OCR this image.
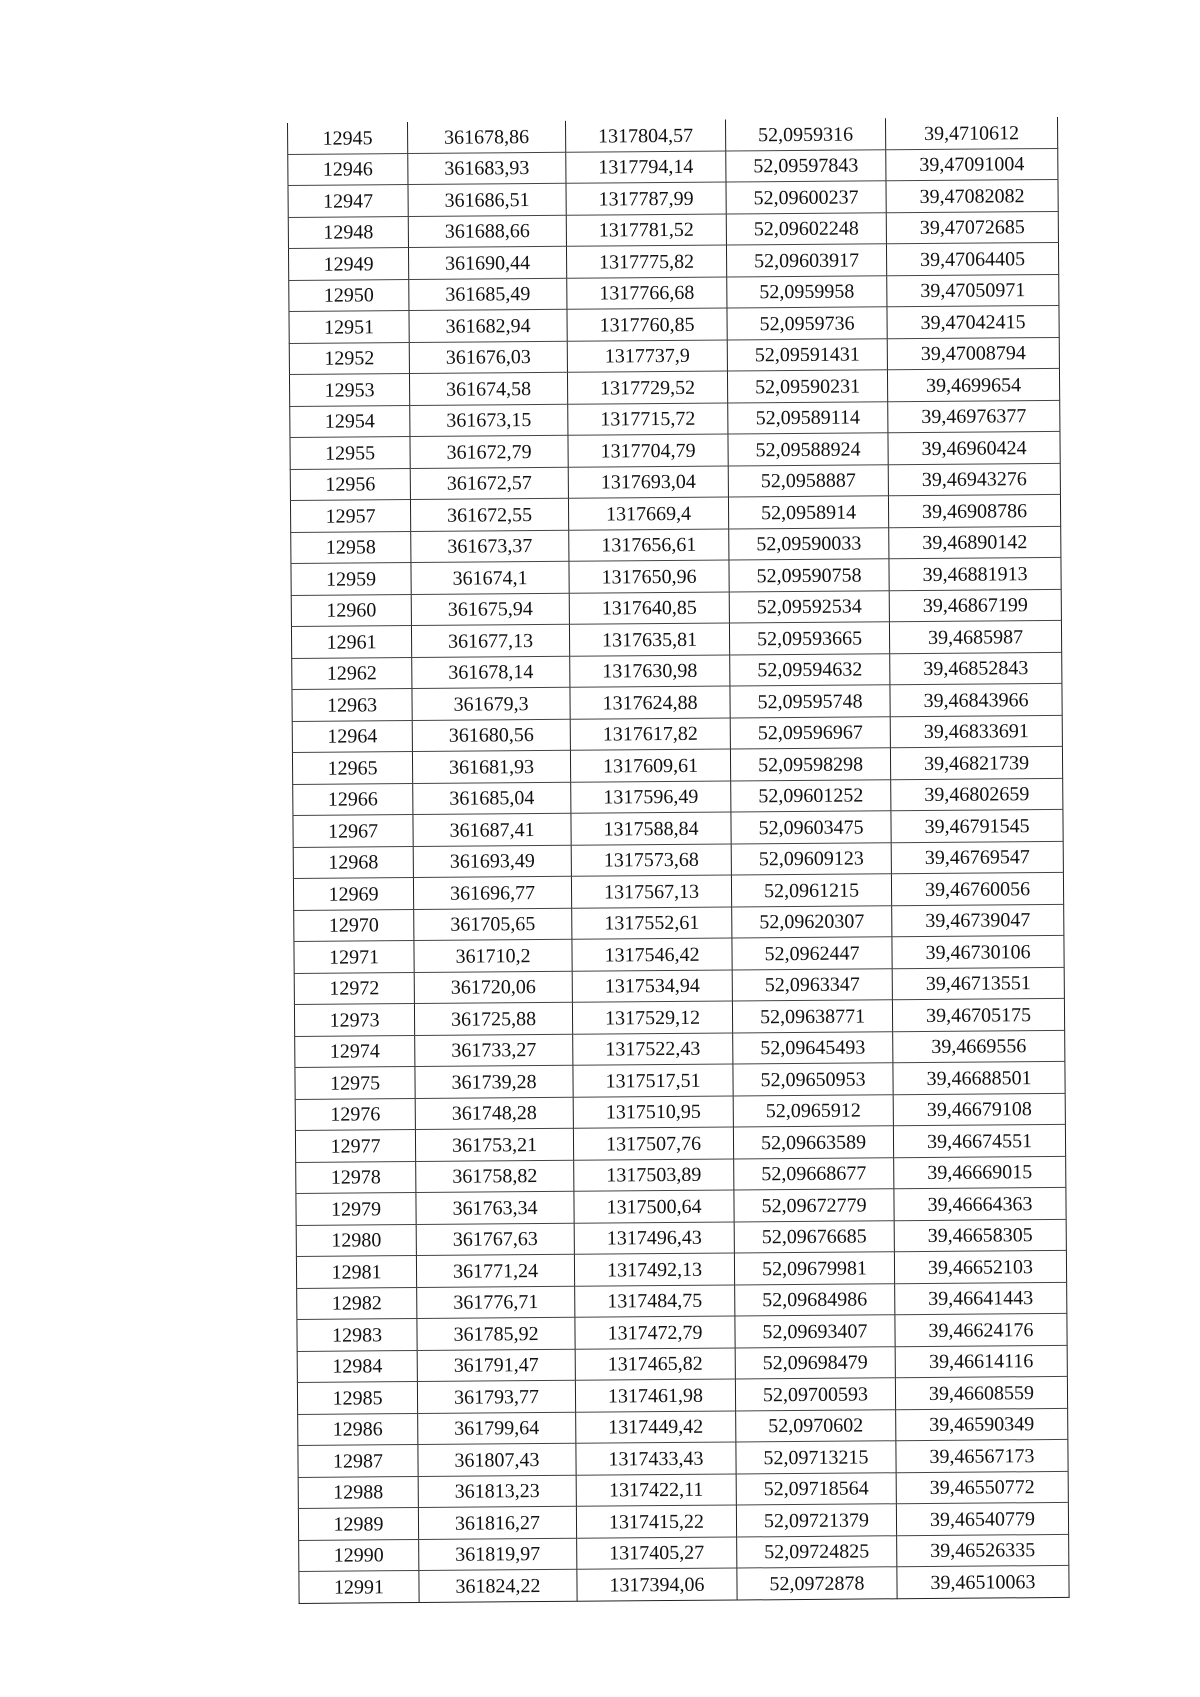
12945	361678,86	1317804,57	52,0959316	39,4710612
12946	361683,93	1317794,14	52,09597843	39,47091004
12947	361686,51	1317787,99	52,09600237	39,47082082
12948	361688,66	1317781,52	52,09602248	39,47072685
12949	361690,44	1317775,82	52,09603917	39,47064405
12950	361685,49	1317766,68	52,0959958	39,47050971
12951	361682,94	1317760,85	52,0959736	39,47042415
12952	361676,03	1317737,9	52,09591431	39,47008794
12953	361674,58	1317729,52	52,09590231	39,4699654
12954	361673,15	1317715,72	52,09589114	39,46976377
12955	361672,79	1317704,79	52,09588924	39,46960424
12956	361672,57	1317693,04	52,0958887	39,46943276
12957	361672,55	1317669,4	52,0958914	39,46908786
12958	361673,37	1317656,61	52,09590033	39,46890142
12959	361674,1	1317650,96	52,09590758	39,46881913
12960	361675,94	1317640,85	52,09592534	39,46867199
12961	361677,13	1317635,81	52,09593665	39,4685987
12962	361678,14	1317630,98	52,09594632	39,46852843
12963	361679,3	1317624,88	52,09595748	39,46843966
12964	361680,56	1317617,82	52,09596967	39,46833691
12965	361681,93	1317609,61	52,09598298	39,46821739
12966	361685,04	1317596,49	52,09601252	39,46802659
12967	361687,41	1317588,84	52,09603475	39,46791545
12968	361693,49	1317573,68	52,09609123	39,46769547
12969	361696,77	1317567,13	52,0961215	39,46760056
12970	361705,65	1317552,61	52,09620307	39,46739047
12971	361710,2	1317546,42	52,0962447	39,46730106
12972	361720,06	1317534,94	52,0963347	39,46713551
12973	361725,88	1317529,12	52,09638771	39,46705175
12974	361733,27	1317522,43	52,09645493	39,4669556
12975	361739,28	1317517,51	52,09650953	39,46688501
12976	361748,28	1317510,95	52,0965912	39,46679108
12977	361753,21	1317507,76	52,09663589	39,46674551
12978	361758,82	1317503,89	52,09668677	39,46669015
12979	361763,34	1317500,64	52,09672779	39,46664363
12980	361767,63	1317496,43	52,09676685	39,46658305
12981	361771,24	1317492,13	52,09679981	39,46652103
12982	361776,71	1317484,75	52,09684986	39,46641443
12983	361785,92	1317472,79	52,09693407	39,46624176
12984	361791,47	1317465,82	52,09698479	39,46614116
12985	361793,77	1317461,98	52,09700593	39,46608559
12986	361799,64	1317449,42	52,0970602	39,46590349
12987	361807,43	1317433,43	52,09713215	39,46567173
12988	361813,23	1317422,11	52,09718564	39,46550772
12989	361816,27	1317415,22	52,09721379	39,46540779
12990	361819,97	1317405,27	52,09724825	39,46526335
12991	361824,22	1317394,06	52,0972878	39,46510063
